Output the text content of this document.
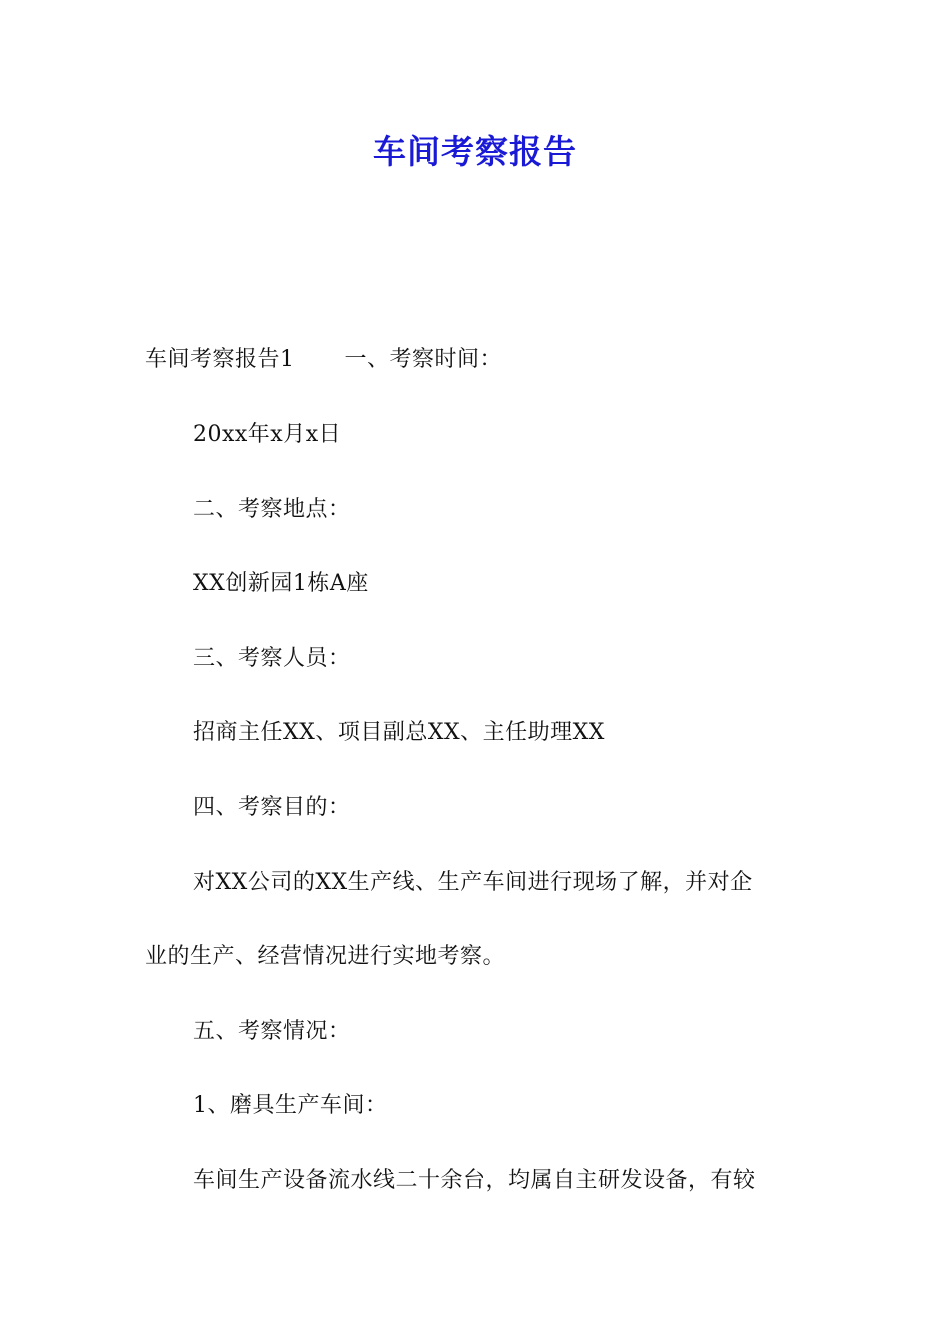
车间考察报告
车间考察报告1 一、考察时间：
20xx年x月x日
二、考察地点：
XX创新园1栋A座
三、考察人员：
招商主任XX、项目副总XX、主任助理XX
四、考察目的：
对XX公司的XX生产线、生产车间进行现场了解，并对企
业的生产、经营情况进行实地考察。
五、考察情况：
1、磨具生产车间：
车间生产设备流水线二十余台，均属自主研发设备，有较
